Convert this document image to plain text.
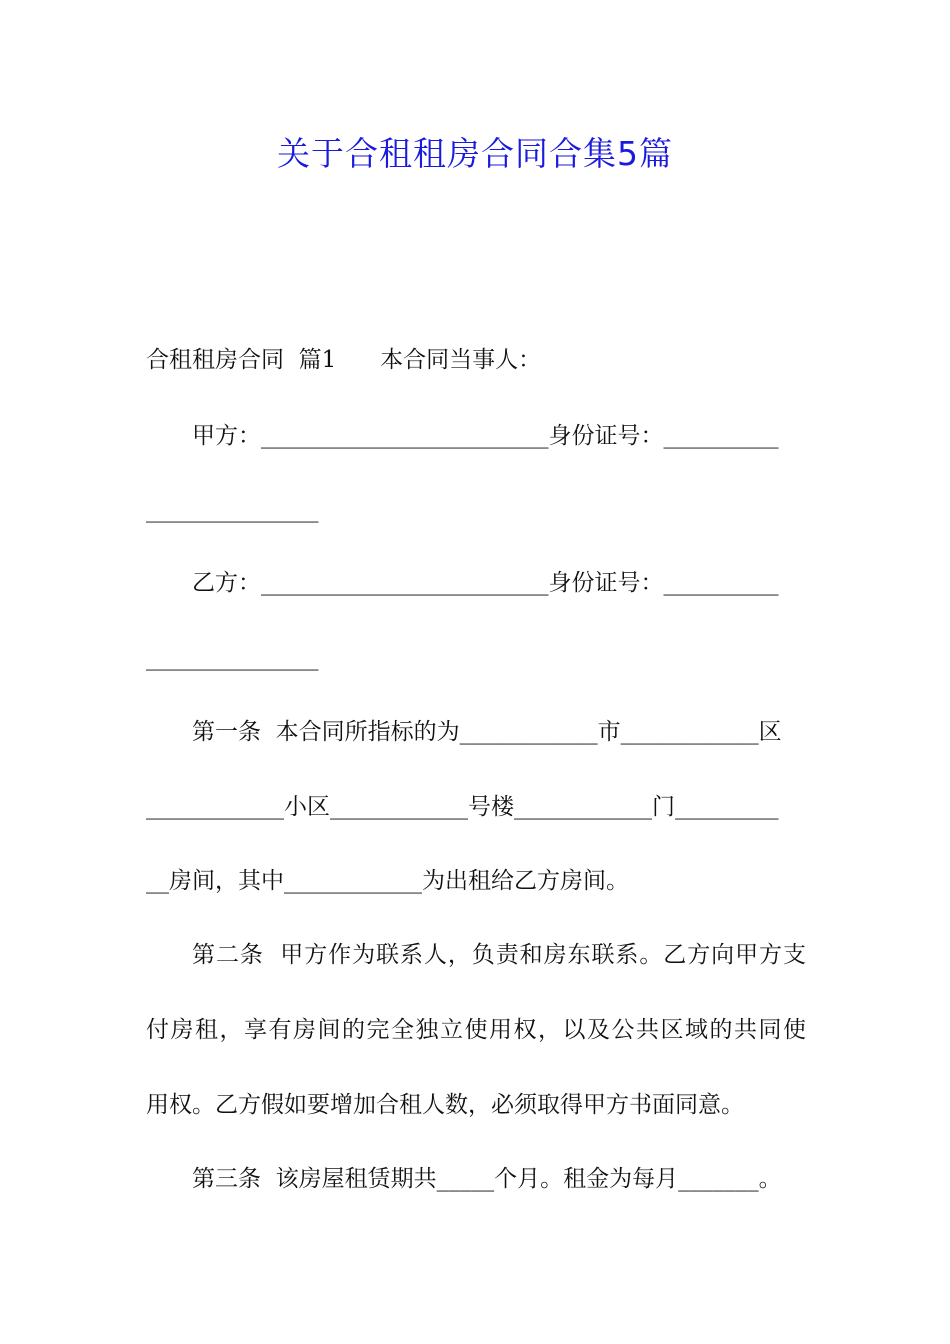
关于合租租房合同合集5篇
合租租房合同  篇1      本合同当事人：
甲方：_________________________身份证号：__________
_______________
乙方：_________________________身份证号：__________
_______________
第一条  本合同所指标的为____________市____________区
____________小区____________号楼____________门_________
__房间，其中____________为出租给乙方房间。
第二条  甲方作为联系人，负责和房东联系。乙方向甲方支
付房租，享有房间的完全独立使用权，以及公共区域的共同使
用权。乙方假如要增加合租人数，必须取得甲方书面同意。
第三条  该房屋租赁期共_____个月。租金为每月_______。
